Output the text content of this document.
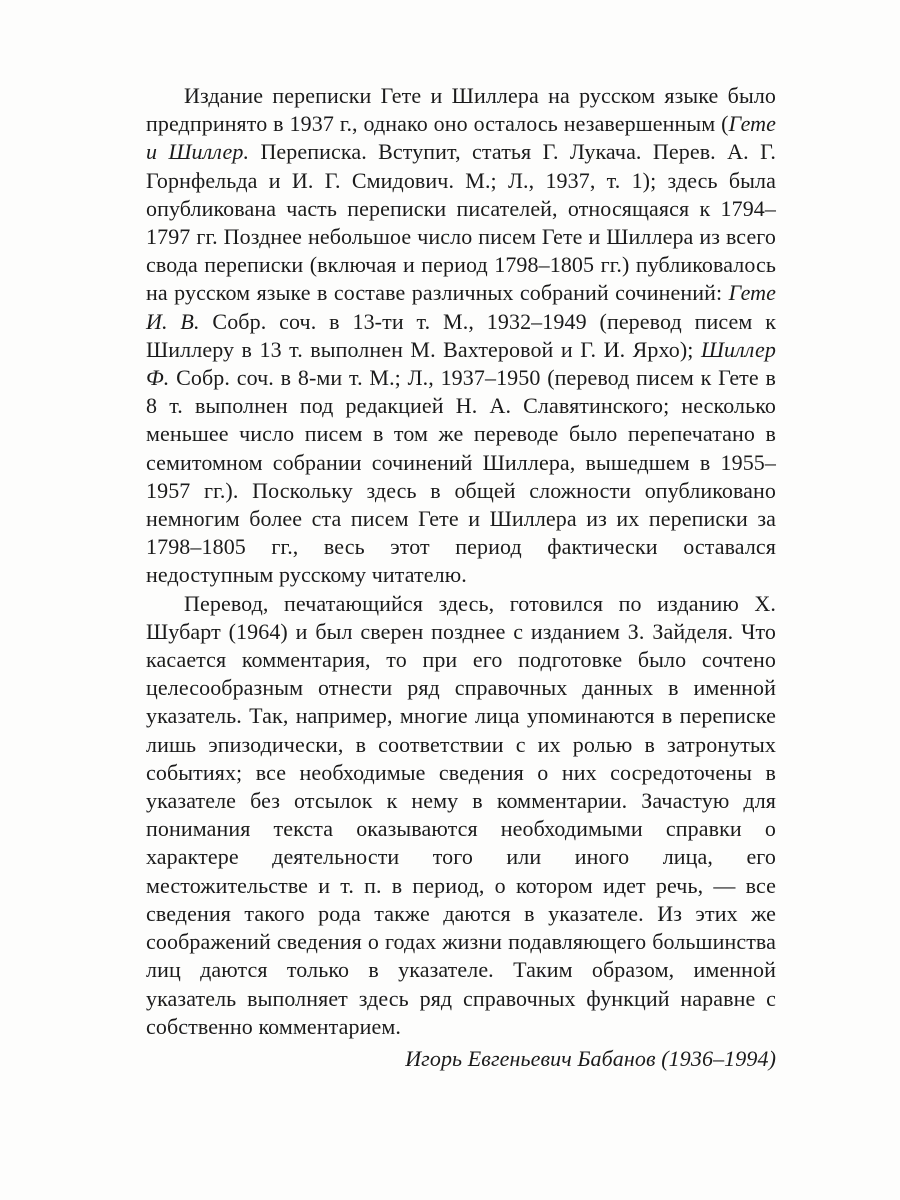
Издание переписки Гете и Шиллера на русском языке было предпринято в 1937 г., однако оно осталось незавершенным (Гете и Шиллер. Переписка. Вступит, статья Г. Лукача. Перев. А. Г. Горнфельда и И. Г. Смидович. М.; Л., 1937, т. 1); здесь была опубликована часть переписки писателей, относящаяся к 1794–1797 гг. Позднее небольшое число писем Гете и Шиллера из всего свода переписки (включая и период 1798–1805 гг.) публиковалось на русском языке в составе различных собраний сочинений: Гете И. В. Собр. соч. в 13-ти т. М., 1932–1949 (перевод писем к Шиллеру в 13 т. выполнен М. Вахтеровой и Г. И. Ярхо); Шиллер Ф. Собр. соч. в 8-ми т. М.; Л., 1937–1950 (перевод писем к Гете в 8 т. выполнен под редакцией Н. А. Славятинского; несколько меньшее число писем в том же переводе было перепечатано в семитомном собрании сочинений Шиллера, вышедшем в 1955–1957 гг.). Поскольку здесь в общей сложности опубликовано немногим более ста писем Гете и Шиллера из их переписки за 1798–1805 гг., весь этот период фактически оставался недоступным русскому читателю.

Перевод, печатающийся здесь, готовился по изданию Х. Шубарт (1964) и был сверен позднее с изданием З. Зайделя. Что касается комментария, то при его подготовке было сочтено целесообразным отнести ряд справочных данных в именной указатель. Так, например, многие лица упоминаются в переписке лишь эпизодически, в соответствии с их ролью в затронутых событиях; все необходимые сведения о них сосредоточены в указателе без отсылок к нему в комментарии. Зачастую для понимания текста оказываются необходимыми справки о характере деятельности того или иного лица, его местожительстве и т. п. в период, о котором идет речь, — все сведения такого рода также даются в указателе. Из этих же соображений сведения о годах жизни подавляющего большинства лиц даются только в указателе. Таким образом, именной указатель выполняет здесь ряд справочных функций наравне с собственно комментарием.

Игорь Евгеньевич Бабанов (1936–1994)
